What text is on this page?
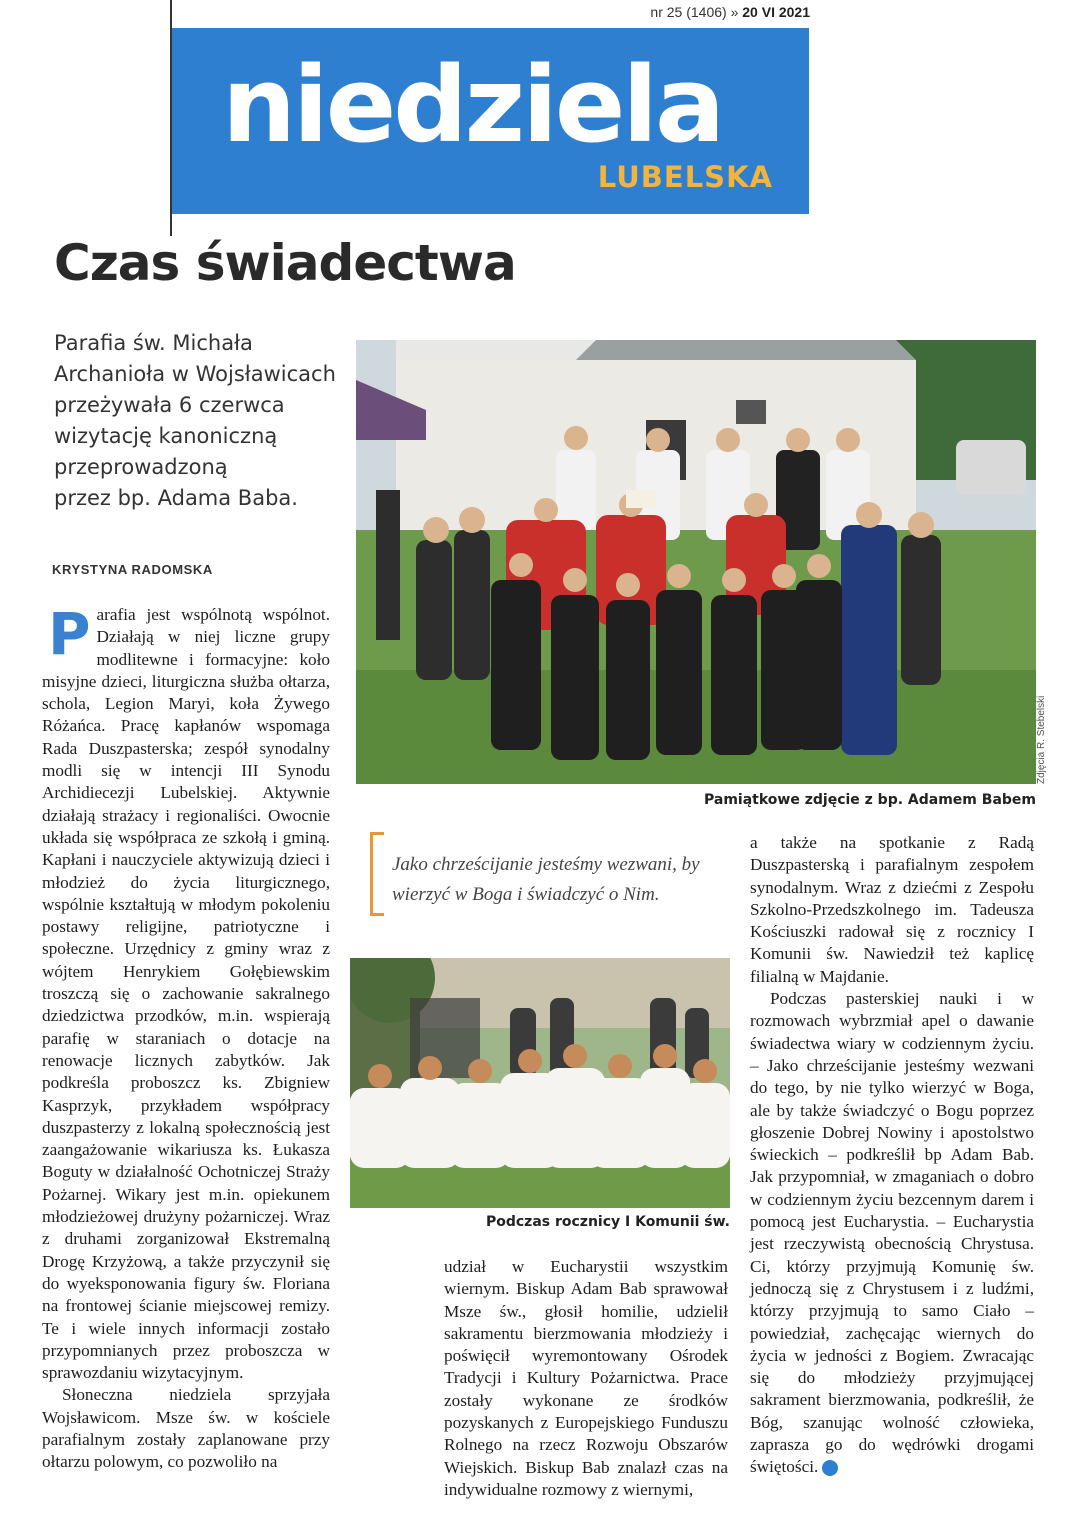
nr 25 (1406) » 20 VI 2021
niedziela
LUBELSKA
Czas świadectwa
Parafia św. Michała
Archanioła w Wojsławicach
przeżywała 6 czerwca
wizytację kanoniczną
przeprowadzoną
przez bp. Adama Baba.
KRYSTYNA RADOMSKA

Parafia jest wspólnotą wspólnot. Działają w niej liczne grupy modlitewne i formacyjne: koło misyjne dzieci, liturgiczna służba ołtarza, schola, Legion Maryi, koła Żywego Różańca. Pracę kapłanów wspomaga Rada Duszpasterska; zespół synodalny modli się w intencji III Synodu Archidiecezji Lubelskiej. Aktywnie działają strażacy i regionaliści. Owocnie układa się współpraca ze szkołą i gminą. Kapłani i nauczyciele aktywizują dzieci i młodzież do życia liturgicznego, wspólnie kształtują w młodym pokoleniu postawy religijne, patriotyczne i społeczne. Urzędnicy z gminy wraz z wójtem Henrykiem Gołębiewskim troszczą się o zachowanie sakralnego dziedzictwa przodków, m.in. wspierają parafię w staraniach o dotacje na renowacje licznych zabytków. Jak podkreśla proboszcz ks. Zbigniew Kasprzyk, przykładem współpracy duszpasterzy z lokalną społecznością jest zaangażowanie wikariusza ks. Łukasza Boguty w działalność Ochotniczej Straży Pożarnej. Wikary jest m.in. opiekunem młodzieżowej drużyny pożarniczej. Wraz z druhami zorganizował Ekstremalną Drogę Krzyżową, a także przyczynił się do wyeksponowania figury św. Floriana na frontowej ścianie miejscowej remizy. Te i wiele innych informacji zostało przypomnianych przez proboszcza w sprawozdaniu wizytacyjnym.

Słoneczna niedziela sprzyjała Wojsławicom. Msze św. w kościele parafialnym zostały zaplanowane przy ołtarzu polowym, co pozwoliło na

Zdjęcia R. Stebelski
Pamiątkowe zdjęcie z bp. Adamem Babem
Jako chrześcijanie jesteśmy wezwani, by wierzyć w Boga i świadczyć o Nim.
Podczas rocznicy I Komunii św.

udział w Eucharystii wszystkim wiernym. Biskup Adam Bab sprawował Msze św., głosił homilie, udzielił sakramentu bierzmowania młodzieży i poświęcił wyremontowany Ośrodek Tradycji i Kultury Pożarnictwa. Prace zostały wykonane ze środków pozyskanych z Europejskiego Funduszu Rolnego na rzecz Rozwoju Obszarów Wiejskich. Biskup Bab znalazł czas na indywidualne rozmowy z wiernymi,

a także na spotkanie z Radą Duszpasterską i parafialnym zespołem synodalnym. Wraz z dziećmi z Zespołu Szkolno-Przedszkolnego im. Tadeusza Kościuszki radował się z rocznicy I Komunii św. Nawiedził też kaplicę filialną w Majdanie.

Podczas pasterskiej nauki i w rozmowach wybrzmiał apel o dawanie świadectwa wiary w codziennym życiu. – Jako chrześcijanie jesteśmy wezwani do tego, by nie tylko wierzyć w Boga, ale by także świadczyć o Bogu poprzez głoszenie Dobrej Nowiny i apostolstwo świeckich – podkreślił bp Adam Bab. Jak przypomniał, w zmaganiach o dobro w codziennym życiu bezcennym darem i pomocą jest Eucharystia. – Eucharystia jest rzeczywistą obecnością Chrystusa. Ci, którzy przyjmują Komunię św. jednoczą się z Chrystusem i z ludźmi, którzy przyjmują to samo Ciało – powiedział, zachęcając wiernych do życia w jedności z Bogiem. Zwracając się do młodzieży przyjmującej sakrament bierzmowania, podkreślił, że Bóg, szanując wolność człowieka, zaprasza go do wędrówki drogami świętości. n
